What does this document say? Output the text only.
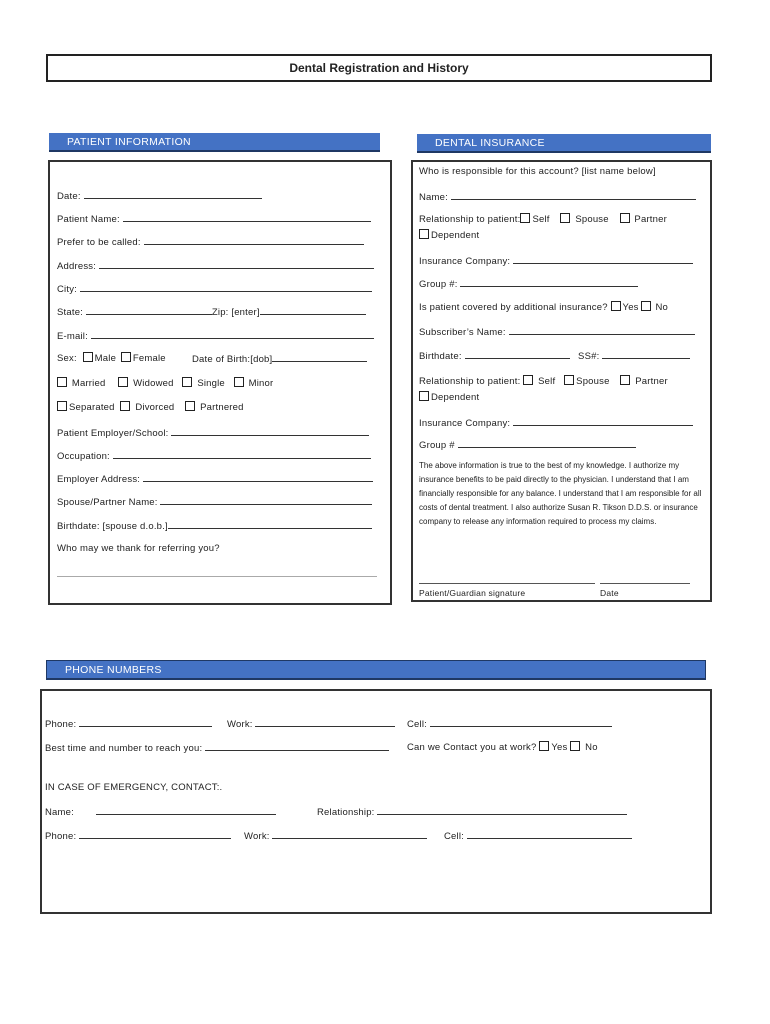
Dental Registration and History
PATIENT INFORMATION
Date:
Patient Name:
Prefer to be called:
Address:
City:
State:	Zip: [enter]
E-mail:
Sex: Male Female	Date of Birth:[dob]
Married	Widowed Single Minor
Separated Divorced	Partnered
Patient Employer/School:
Occupation:
Employer Address:
Spouse/Partner Name:
Birthdate: [spouse d.o.b.]
Who may we thank for referring you?
DENTAL INSURANCE
Who is responsible for this account? [list name below]
Name:
Relationship to patient: Self	Spouse	Partner
Dependent
Insurance Company:
Group #:
Is patient covered by additional insurance? Yes No
Subscriber’s Name:
Birthdate:	SS#:
Relationship to patient: Self Spouse	Partner
Dependent
Insurance Company:
Group #
The above information is true to the best of my knowledge. I authorize my insurance benefits to be paid directly to the physician. I understand that I am financially responsible for any balance. I understand that I am responsible for all costs of dental treatment. I also authorize Susan R. Tikson D.D.S. or insurance company to release any information required to process my claims.
Patient/Guardian signature	Date
PHONE NUMBERS
Phone:	Work:	Cell:
Best time and number to reach you:	Can we Contact you at work? Yes No
IN CASE OF EMERGENCY, CONTACT:.
Name:	Relationship:
Phone:	Work:	Cell:
